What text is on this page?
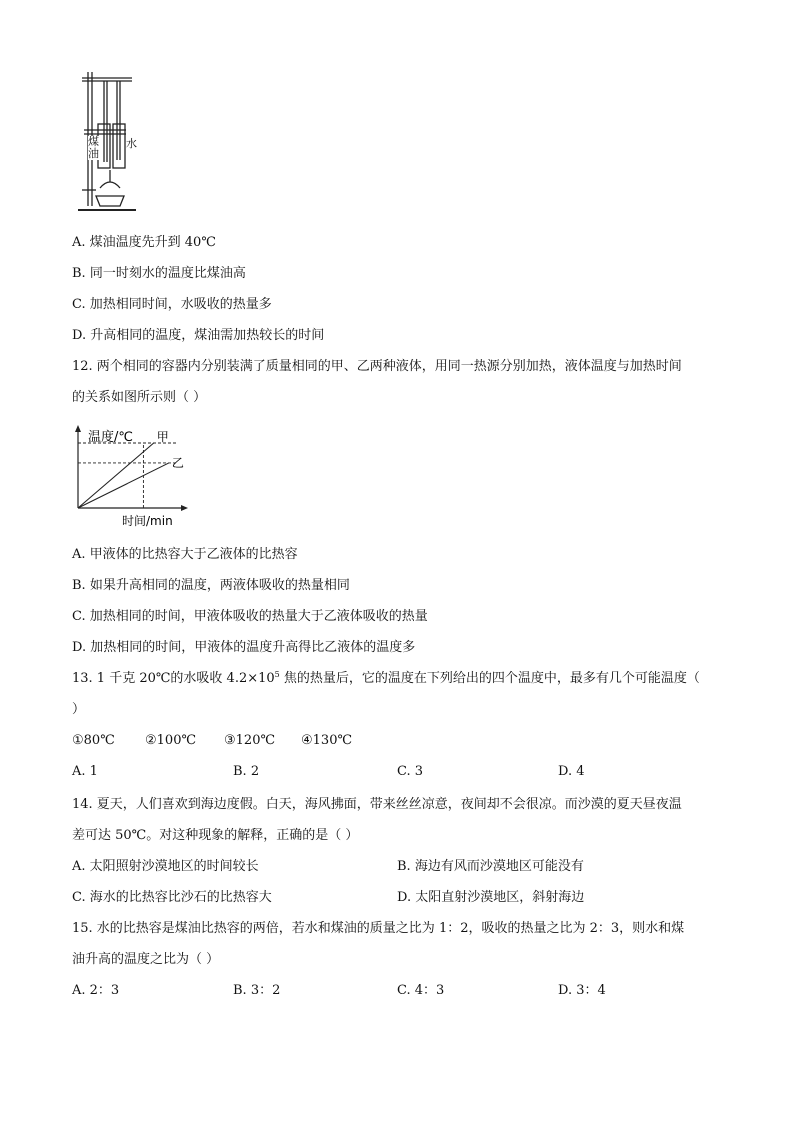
煤油
水
A. 煤油温度先升到 40℃
B. 同一时刻水的温度比煤油高
C. 加热相同时间，水吸收的热量多
D. 升高相同的温度，煤油需加热较长的时间
12. 两个相同的容器内分别装满了质量相同的甲、乙两种液体，用同一热源分别加热，液体温度与加热时间
的关系如图所示则（ ）
甲
乙
温度/℃
时间/min
A. 甲液体的比热容大于乙液体的比热容
B. 如果升高相同的温度，两液体吸收的热量相同
C. 加热相同的时间，甲液体吸收的热量大于乙液体吸收的热量
D. 加热相同的时间，甲液体的温度升高得比乙液体的温度多
13. 1 千克 20℃的水吸收 $4.2\times 10^5$ 焦的热量后，它的温度在下列给出的四个温度中，最多有几个可能温度（
）
①80℃ ②100℃ ③120℃ ④130℃
A. 1	B. 2	C. 3	D. 4
14. 夏天，人们喜欢到海边度假。白天，海风拂面，带来丝丝凉意，夜间却不会很凉。而沙漠的夏天昼夜温
差可达 50℃。对这种现象的解释，正确的是（ ）
A. 太阳照射沙漠地区的时间较长	B. 海边有风而沙漠地区可能没有
C. 海水的比热容比沙石的比热容大	D. 太阳直射沙漠地区，斜射海边
15. 水的比热容是煤油比热容的两倍，若水和煤油的质量之比为 1：2，吸收的热量之比为 2：3，则水和煤
油升高的温度之比为（ ）
A. 2：3	B. 3：2	C. 4：3	D. 3：4
